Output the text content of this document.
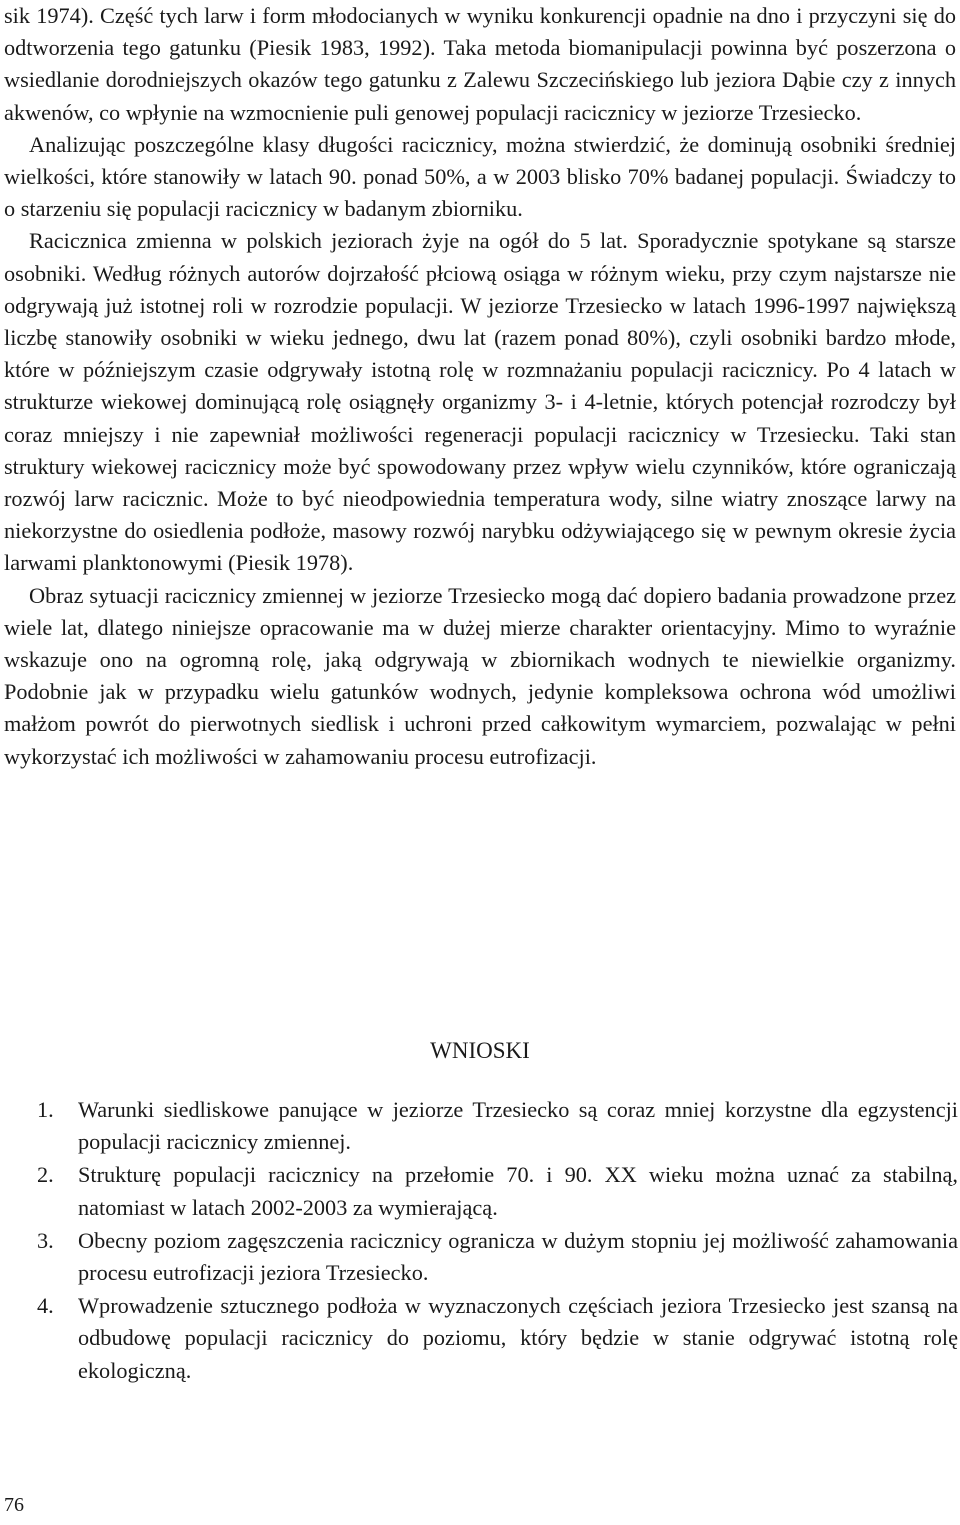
sik 1974). Część tych larw i form młodocianych w wyniku konkurencji opadnie na dno i przyczyni się do odtworzenia tego gatunku (Piesik 1983, 1992). Taka metoda biomanipulacji powinna być poszerzona o wsiedlanie dorodniejszych okazów tego gatunku z Zalewu Szczecińskiego lub jeziora Dąbie czy z innych akwenów, co wpłynie na wzmocnienie puli genowej populacji racicznicy w jeziorze Trzesiecko.

Analizując poszczególne klasy długości racicznicy, można stwierdzić, że dominują osobniki średniej wielkości, które stanowiły w latach 90. ponad 50%, a w 2003 blisko 70% badanej populacji. Świadczy to o starzeniu się populacji racicznicy w badanym zbiorniku.

Racicznica zmienna w polskich jeziorach żyje na ogół do 5 lat. Sporadycznie spotykane są starsze osobniki. Według różnych autorów dojrzałość płciową osiąga w różnym wieku, przy czym najstarsze nie odgrywają już istotnej roli w rozrodzie populacji. W jeziorze Trzesiecko w latach 1996-1997 największą liczbę stanowiły osobniki w wieku jednego, dwu lat (razem ponad 80%), czyli osobniki bardzo młode, które w późniejszym czasie odgrywały istotną rolę w rozmnażaniu populacji racicznicy. Po 4 latach w strukturze wiekowej dominującą rolę osiągnęły organizmy 3- i 4-letnie, których potencjał rozrodczy był coraz mniejszy i nie zapewniał możliwości regeneracji populacji racicznicy w Trzesiecku. Taki stan struktury wiekowej racicznicy może być spowodowany przez wpływ wielu czynników, które ograniczają rozwój larw racicznic. Może to być nieodpowiednia temperatura wody, silne wiatry znoszące larwy na niekorzystne do osiedlenia podłoże, masowy rozwój narybku odżywiającego się w pewnym okresie życia larwami planktonowymi (Piesik 1978).

Obraz sytuacji racicznicy zmiennej w jeziorze Trzesiecko mogą dać dopiero badania prowadzone przez wiele lat, dlatego niniejsze opracowanie ma w dużej mierze charakter orientacyjny. Mimo to wyraźnie wskazuje ono na ogromną rolę, jaką odgrywają w zbiornikach wodnych te niewielkie organizmy. Podobnie jak w przypadku wielu gatunków wodnych, jedynie kompleksowa ochrona wód umożliwi małżom powrót do pierwotnych siedlisk i uchroni przed całkowitym wymarciem, pozwalając w pełni wykorzystać ich możliwości w zahamowaniu procesu eutrofizacji.

WNIOSKI
1. Warunki siedliskowe panujące w jeziorze Trzesiecko są coraz mniej korzystne dla egzystencji populacji racicznicy zmiennej.
2. Strukturę populacji racicznicy na przełomie 70. i 90. XX wieku można uznać za stabilną, natomiast w latach 2002-2003 za wymierającą.
3. Obecny poziom zagęszczenia racicznicy ogranicza w dużym stopniu jej możliwość zahamowania procesu eutrofizacji jeziora Trzesiecko.
4. Wprowadzenie sztucznego podłoża w wyznaczonych częściach jeziora Trzesiecko jest szansą na odbudowę populacji racicznicy do poziomu, który będzie w stanie odgrywać istotną rolę ekologiczną.
76
